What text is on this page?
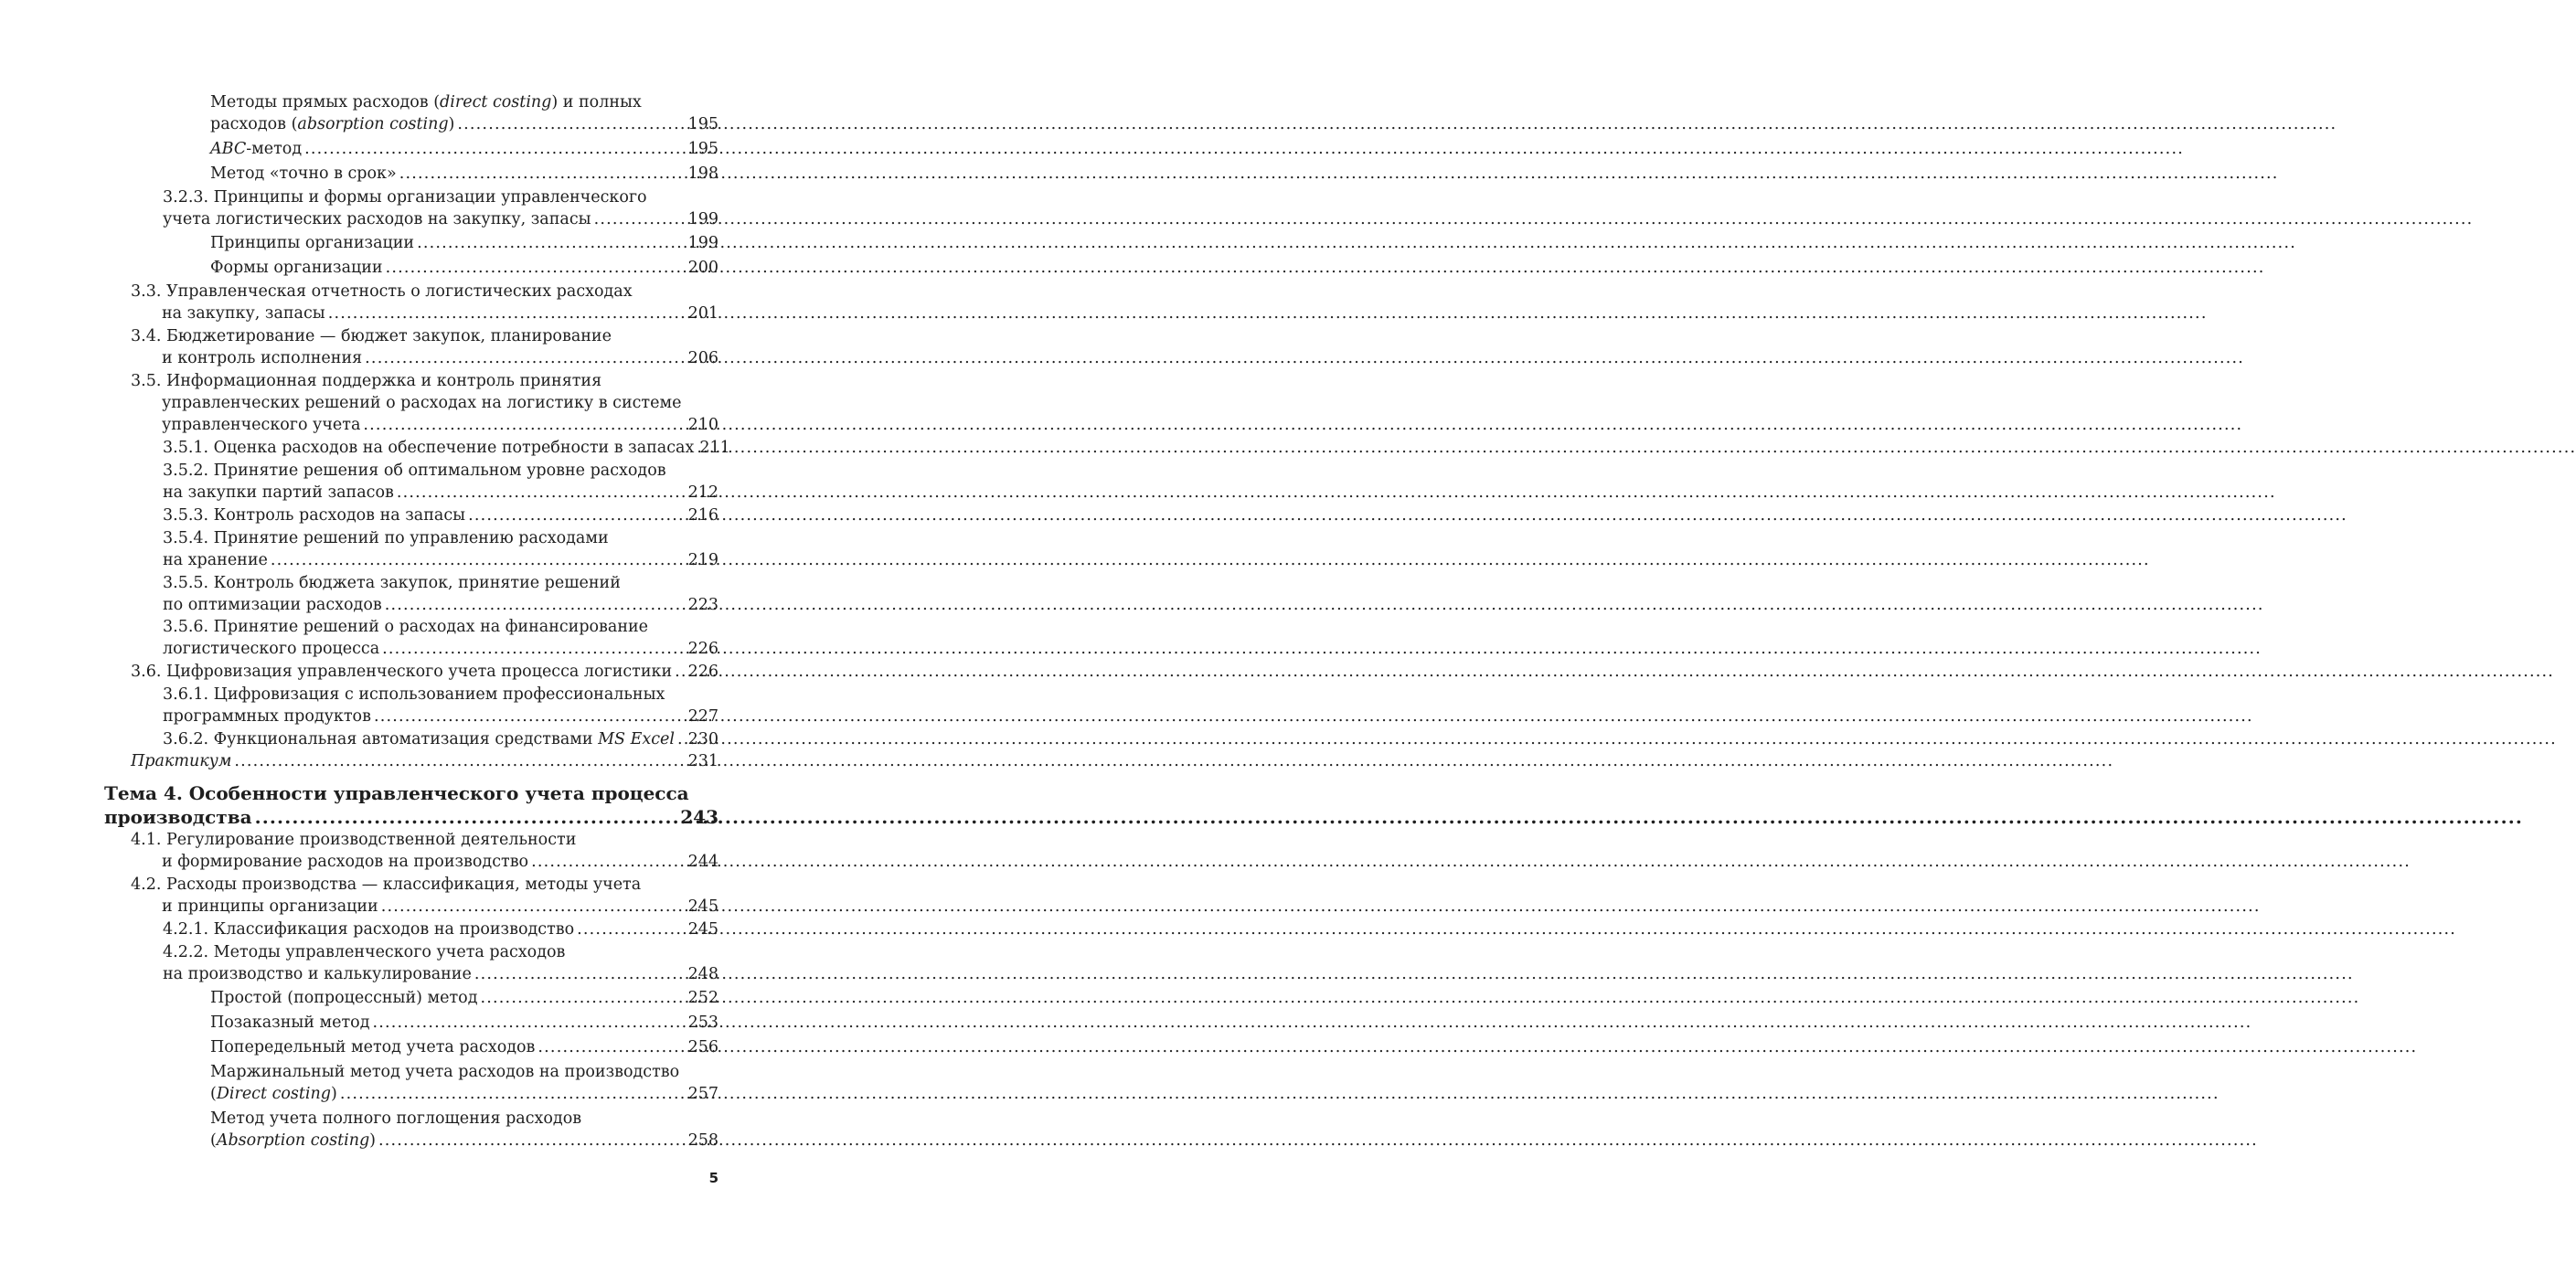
Методы прямых расходов (direct costing) и полных
расходов (absorption costing) .....	195
ABC-метод .....	195
Метод «точно в срок» .....	198
3.2.3. Принципы и формы организации управленческого
учета логистических расходов на закупку, запасы .....	199
Принципы организации .....	199
Формы организации .....	200
3.3. Управленческая отчетность о логистических расходах
на закупку, запасы .....	201
3.4. Бюджетирование — бюджет закупок, планирование
и контроль исполнения .....	206
3.5. Информационная поддержка и контроль принятия
управленческих решений о расходах на логистику в системе
управленческого учета .....	210
3.5.1. Оценка расходов на обеспечение потребности в запасах 211
3.5.2. Принятие решения об оптимальном уровне расходов
на закупки партий запасов .....	212
3.5.3. Контроль расходов на запасы .....	216
3.5.4. Принятие решений по управлению расходами
на хранение .....	219
3.5.5. Контроль бюджета закупок, принятие решений
по оптимизации расходов .....	223
3.5.6. Принятие решений о расходах на финансирование
логистического процесса .....	226
3.6. Цифровизация управленческого учета процесса логистики ..... 226
3.6.1. Цифровизация с использованием профессиональных
программных продуктов .....	227
3.6.2. Функциональная автоматизация средствами MS Excel ..... 230
Практикум .....	231
Тема 4. Особенности управленческого учета процесса
производства .....	243
4.1. Регулирование производственной деятельности
и формирование расходов на производство .....	244
4.2. Расходы производства — классификация, методы учета
и принципы организации .....	245
4.2.1. Классификация расходов на производство .....	245
4.2.2. Методы управленческого учета расходов
на производство и калькулирование .....	248
Простой (попроцессный) метод .....	252
Позаказный метод .....	253
Попередельный метод учета расходов .....	256
Маржинальный метод учета расходов на производство
(Direct costing) .....	257
Метод учета полного поглощения расходов
(Absorption costing) .....	258
5
